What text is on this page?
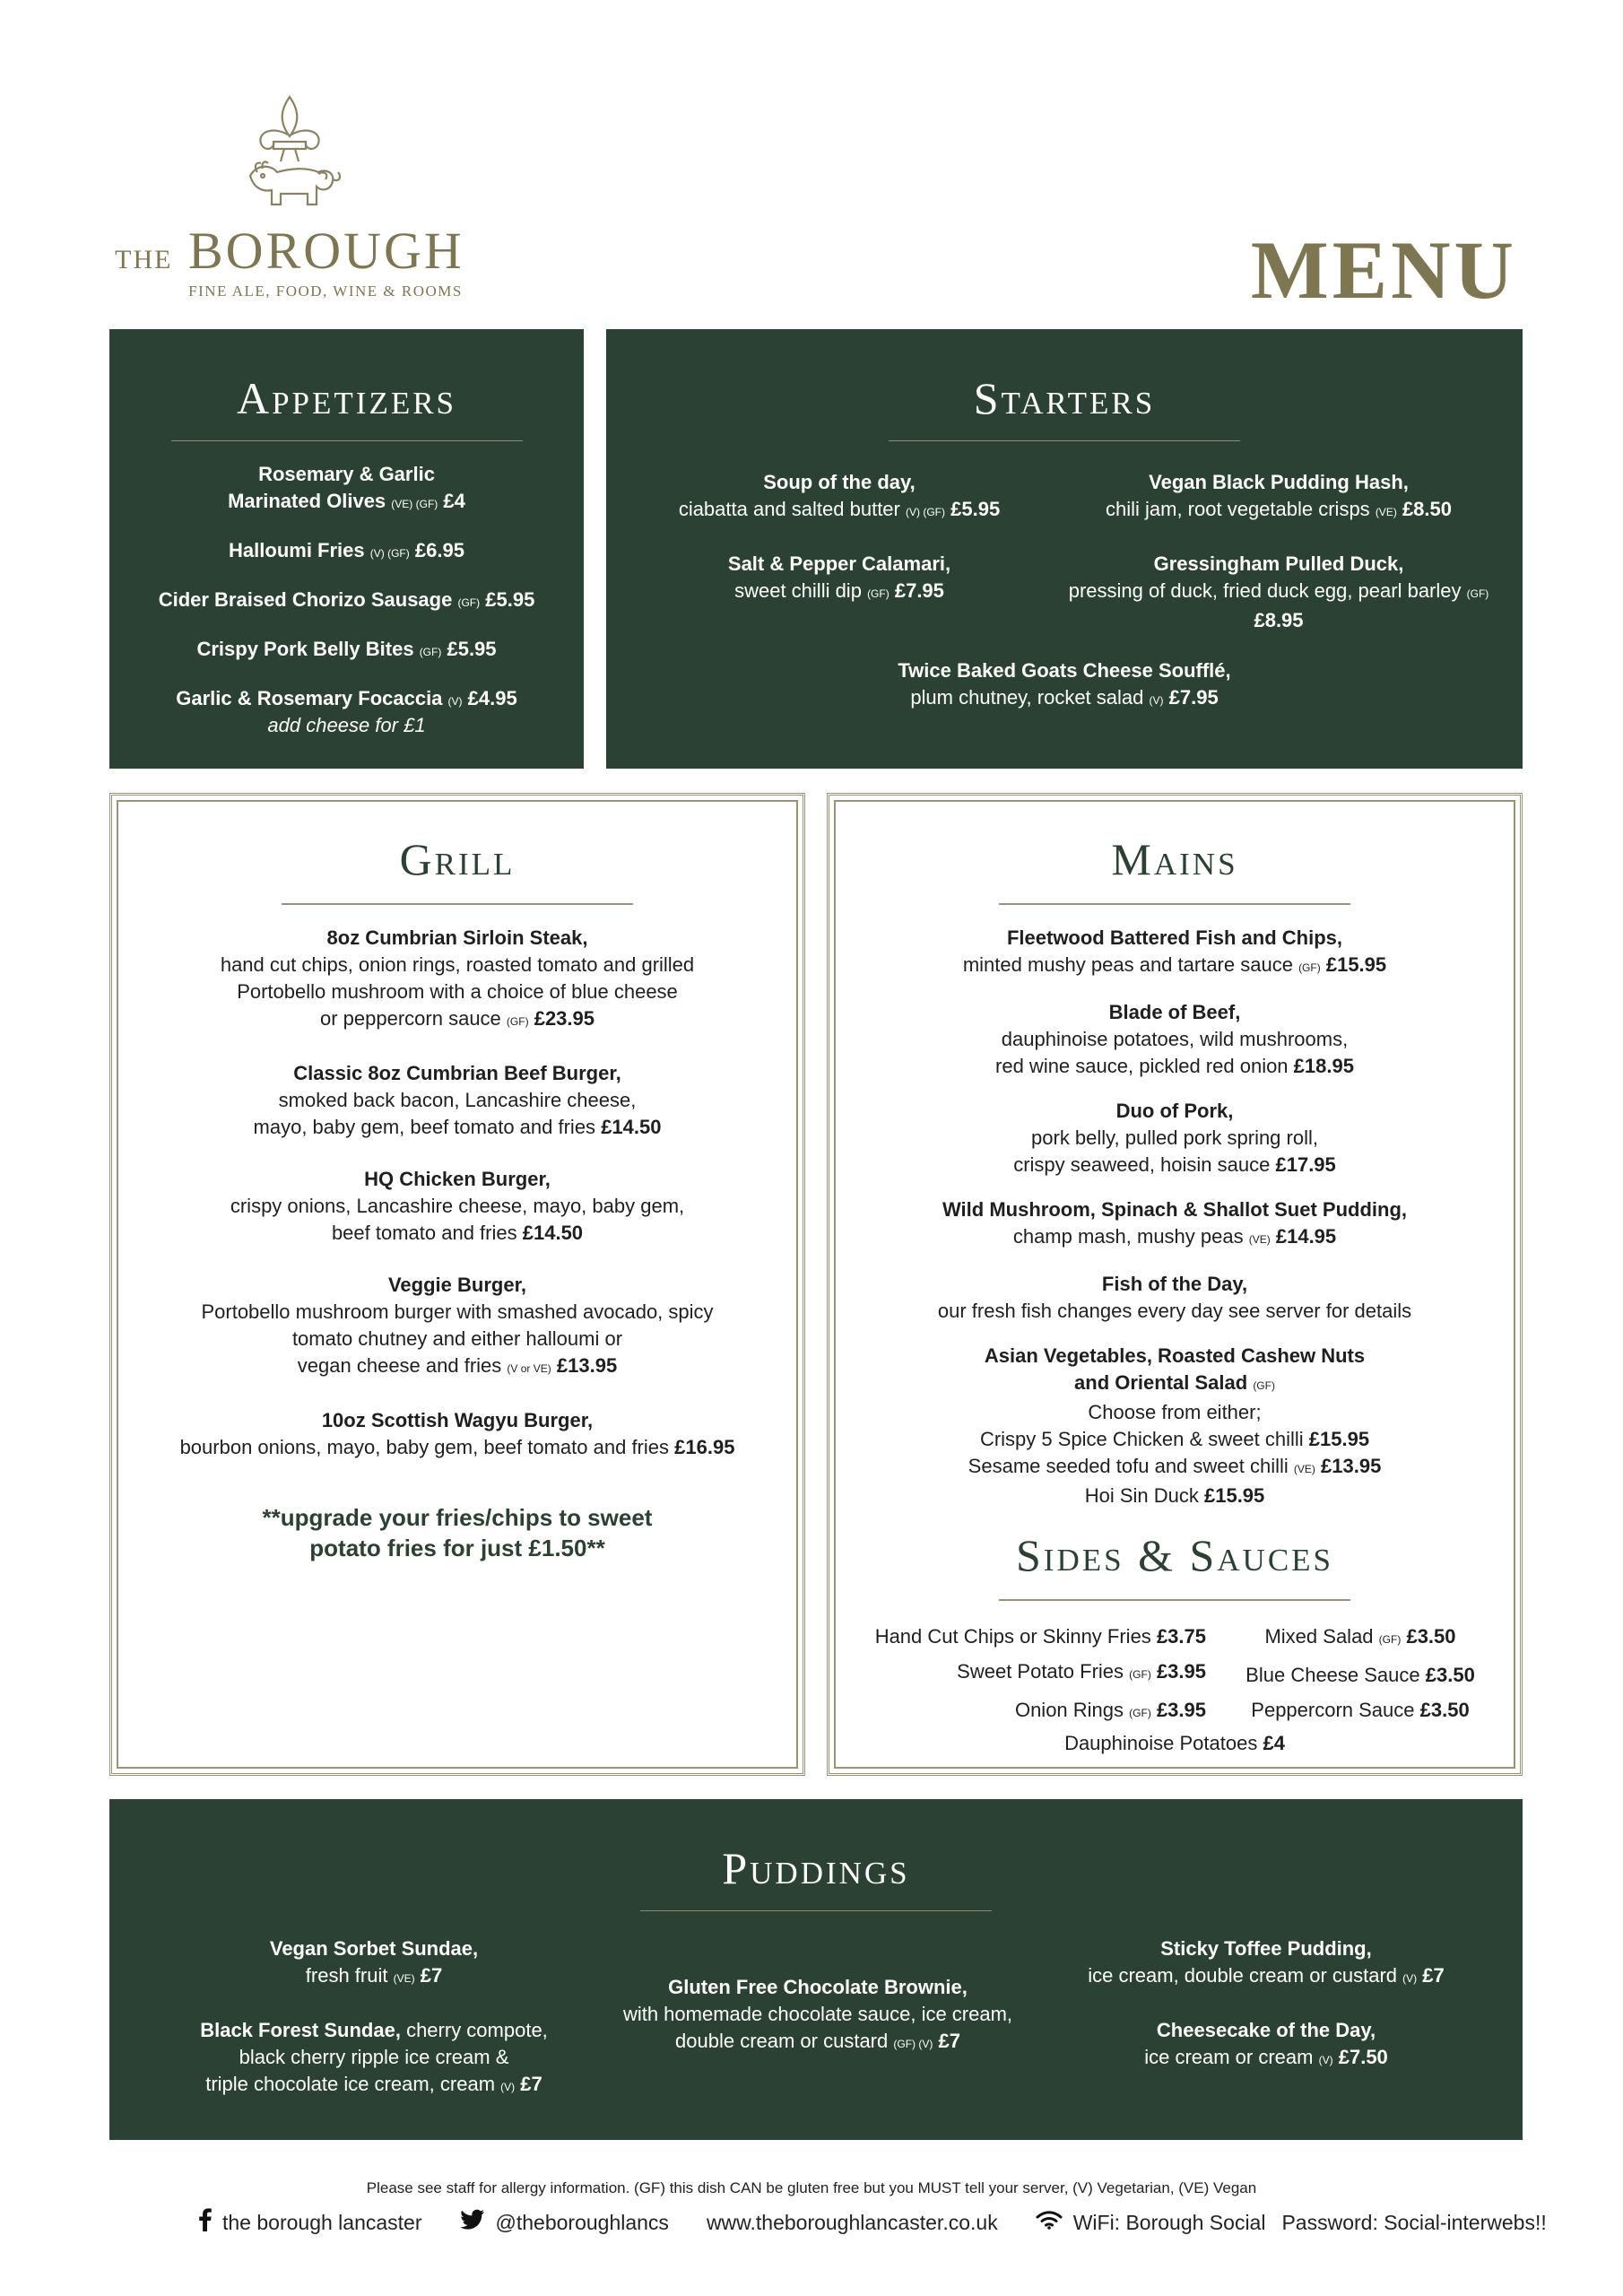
THE BOROUGH
FINE ALE, FOOD, WINE & ROOMS	MENU
Appetizers
Rosemary & Garlic
Marinated Olives (VE) (GF) £4
Halloumi Fries (V) (GF) £6.95
Cider Braised Chorizo Sausage (GF) £5.95
Crispy Pork Belly Bites (GF) £5.95
Garlic & Rosemary Focaccia (V) £4.95
add cheese for £1
Starters
Soup of the day,
ciabatta and salted butter (V) (GF) £5.95
Salt & Pepper Calamari,
sweet chilli dip (GF) £7.95
Vegan Black Pudding Hash,
chili jam, root vegetable crisps (VE) £8.50
Gressingham Pulled Duck,
pressing of duck, fried duck egg, pearl barley (GF)
£8.95
Twice Baked Goats Cheese Soufflé,
plum chutney, rocket salad (V) £7.95
Grill
8oz Cumbrian Sirloin Steak,
hand cut chips, onion rings, roasted tomato and grilled
Portobello mushroom with a choice of blue cheese
or peppercorn sauce (GF) £23.95
Classic 8oz Cumbrian Beef Burger,
smoked back bacon, Lancashire cheese,
mayo, baby gem, beef tomato and fries £14.50
HQ Chicken Burger,
crispy onions, Lancashire cheese, mayo, baby gem,
beef tomato and fries £14.50
Veggie Burger,
Portobello mushroom burger with smashed avocado, spicy
tomato chutney and either halloumi or
vegan cheese and fries (V or VE) £13.95
10oz Scottish Wagyu Burger,
bourbon onions, mayo, baby gem, beef tomato and fries £16.95
**upgrade your fries/chips to sweet
potato fries for just £1.50**
Mains
Fleetwood Battered Fish and Chips,
minted mushy peas and tartare sauce (GF) £15.95
Blade of Beef,
dauphinoise potatoes, wild mushrooms,
red wine sauce, pickled red onion £18.95
Duo of Pork,
pork belly, pulled pork spring roll,
crispy seaweed, hoisin sauce £17.95
Wild Mushroom, Spinach & Shallot Suet Pudding,
champ mash, mushy peas (VE) £14.95
Fish of the Day,
our fresh fish changes every day see server for details
Asian Vegetables, Roasted Cashew Nuts
and Oriental Salad (GF)
Choose from either;
Crispy 5 Spice Chicken & sweet chilli £15.95
Sesame seeded tofu and sweet chilli (VE) £13.95
Hoi Sin Duck £15.95
Sides & Sauces
Hand Cut Chips or Skinny Fries £3.75
Sweet Potato Fries (GF) £3.95
Onion Rings (GF) £3.95
Mixed Salad (GF) £3.50
Blue Cheese Sauce £3.50
Peppercorn Sauce £3.50
Dauphinoise Potatoes £4
Puddings
Vegan Sorbet Sundae,
fresh fruit (VE) £7
Black Forest Sundae, cherry compote,
black cherry ripple ice cream &
triple chocolate ice cream, cream (V) £7
Gluten Free Chocolate Brownie,
with homemade chocolate sauce, ice cream,
double cream or custard (GF) (V) £7
Sticky Toffee Pudding,
ice cream, double cream or custard (V) £7
Cheesecake of the Day,
ice cream or cream (V) £7.50
Please see staff for allergy information. (GF) this dish CAN be gluten free but you MUST tell your server, (V) Vegetarian, (VE) Vegan
the borough lancaster	@theboroughlancs www.theboroughlancaster.co.uk	WiFi: Borough Social Password: Social-interwebs!!
